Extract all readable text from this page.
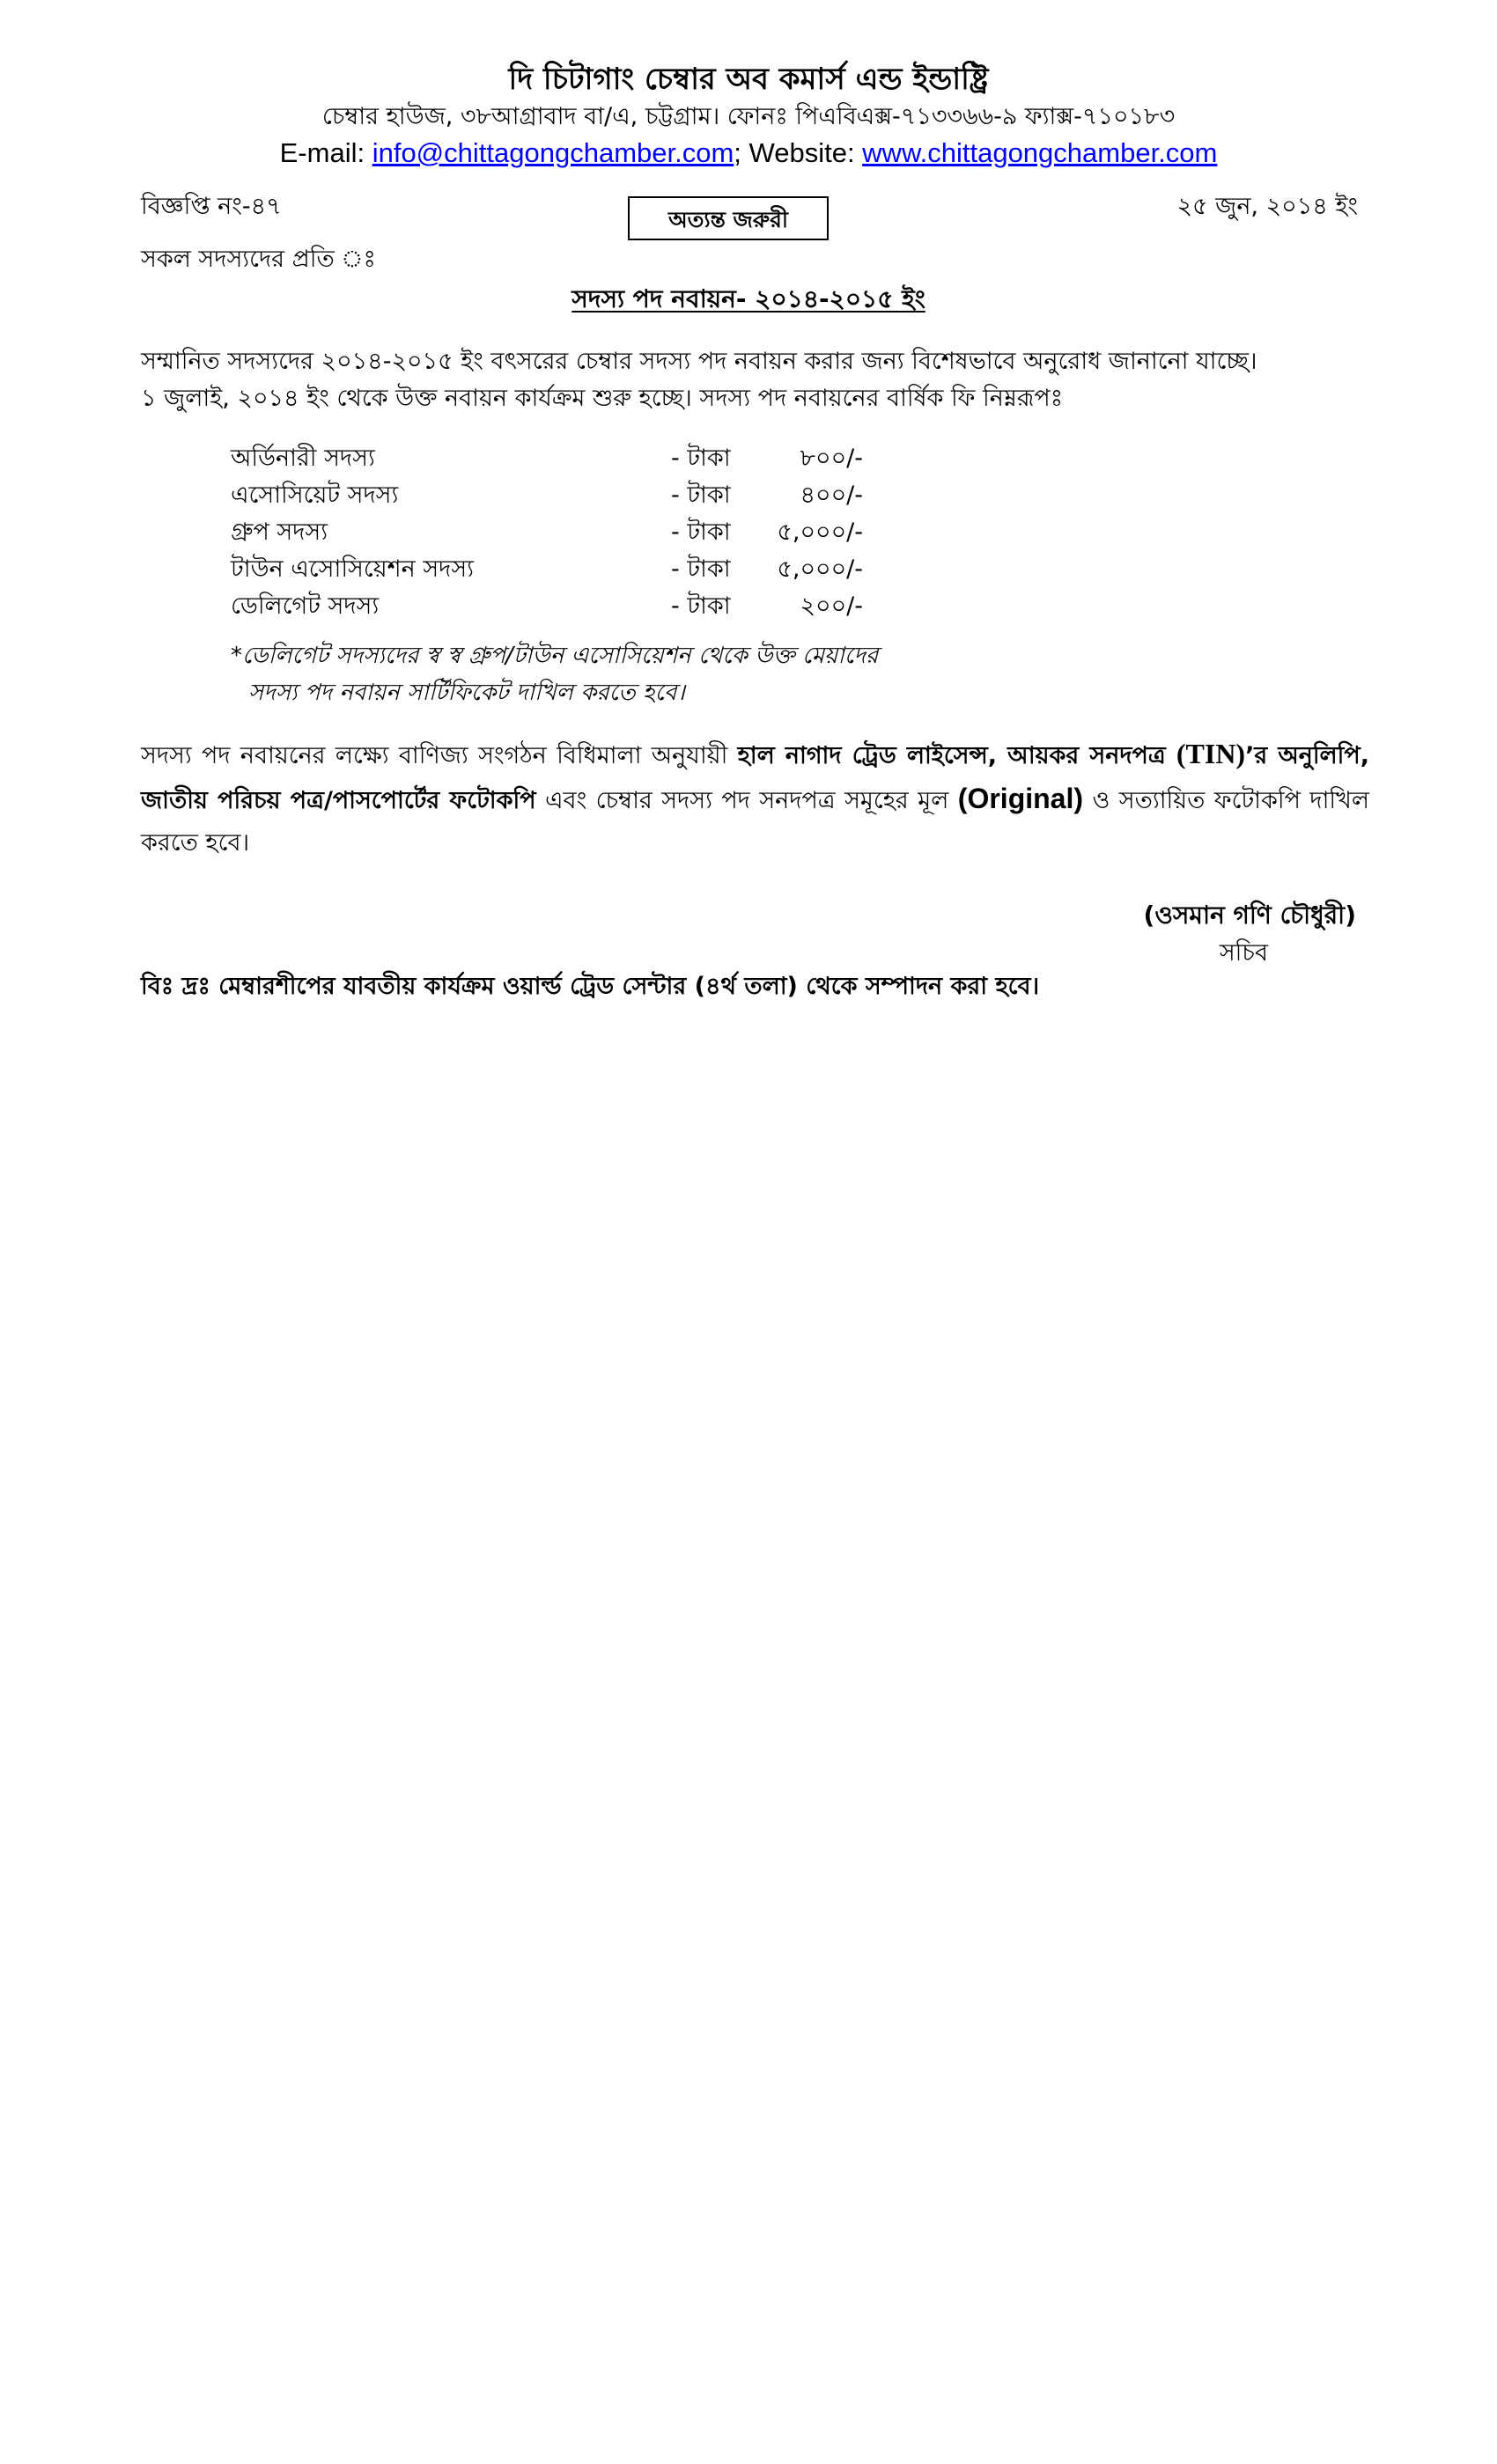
দি চিটাগাং চেম্বার অব কমার্স এন্ড ইন্ডাষ্ট্রি
চেম্বার হাউজ, ৩৮আগ্রাবাদ বা/এ, চট্টগ্রাম। ফোনঃ পিএবিএক্স-৭১৩৩৬৬-৯ ফ্যাক্স-৭১০১৮৩
E-mail: info@chittagongchamber.com; Website: www.chittagongchamber.com
বিজ্ঞপ্তি নং-৪৭	অত্যন্ত জরুরী	২৫ জুন, ২০১৪ ইং
সকল সদস্যদের প্রতি ঃ
সদস্য পদ নবায়ন- ২০১৪-২০১৫ ইং
সম্মানিত সদস্যদের ২০১৪-২০১৫ ইং বৎসরের চেম্বার সদস্য পদ নবায়ন করার জন্য বিশেষভাবে অনুরোধ জানানো যাচ্ছে।
১ জুলাই, ২০১৪ ইং থেকে উক্ত নবায়ন কার্যক্রম শুরু হচ্ছে। সদস্য পদ নবায়নের বার্ষিক ফি নিম্নরূপঃ
অর্ডিনারী সদস্য	- টাকা	৮০০/-
এসোসিয়েট সদস্য	- টাকা	৪০০/-
গ্রুপ সদস্য	- টাকা	৫,০০০/-
টাউন এসোসিয়েশন সদস্য	- টাকা	৫,০০০/-
ডেলিগেট সদস্য	- টাকা	২০০/-
*ডেলিগেট সদস্যদের স্ব স্ব গ্রুপ/টাউন এসোসিয়েশন থেকে উক্ত মেয়াদের
সদস্য পদ নবায়ন সার্টিফিকেট দাখিল করতে হবে।
সদস্য পদ নবায়নের লক্ষ্যে বাণিজ্য সংগঠন বিধিমালা অনুযায়ী হাল নাগাদ ট্রেড লাইসেন্স, আয়কর সনদপত্র (TIN)’র অনুলিপি, জাতীয় পরিচয় পত্র/পাসপোর্টের ফটোকপি এবং চেম্বার সদস্য পদ সনদপত্র সমূহের মূল (Original) ও সত্যায়িত ফটোকপি দাখিল করতে হবে।
(ওসমান গণি চৌধুরী)
সচিব
বিঃ দ্রঃ মেম্বারশীপের যাবতীয় কার্যক্রম ওয়ার্ল্ড ট্রেড সেন্টার (৪র্থ তলা) থেকে সম্পাদন করা হবে।
